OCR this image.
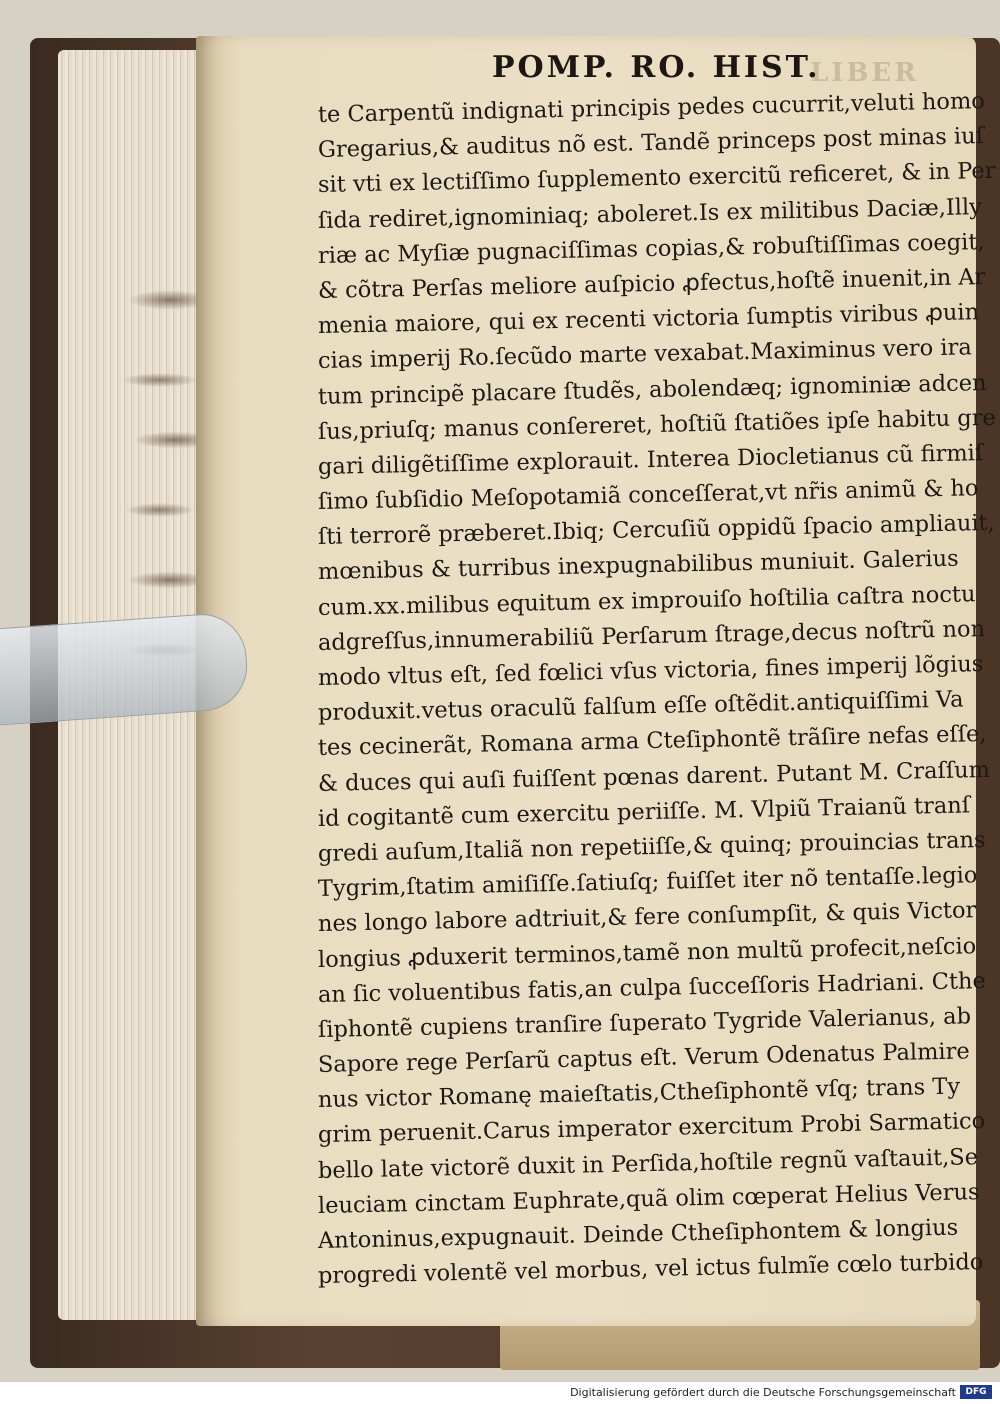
LIBER
POMP. RO. HIST.
te Carpentũ indignati principis pedes cucurrit,veluti homo
Gregarius,& auditus nõ est. Tandẽ princeps post minas iuſ
sit vti ex lectiſſimo ſupplemento exercitũ reficeret, & in Per
ſida rediret,ignominiaq; aboleret.Is ex militibus Daciæ,Illy
riæ ac Myſiæ pugnaciſſimas copias,& robuſtiſſimas coegit,
& cõtra Perſas meliore auſpicio ꝓfectus,hoſtẽ inuenit,in Ar
menia maiore, qui ex recenti victoria ſumptis viribus ꝓuin
cias imperij Ro.ſecũdo marte vexabat.Maximinus vero ira
tum principẽ placare ſtudẽs, abolendæq; ignominiæ adcen
ſus,priuſq; manus conſereret, hoſtiũ ſtatiões ipſe habitu gre
gari diligẽtiſſime explorauit. Interea Diocletianus cũ firmiſ
ſimo ſubſidio Meſopotamiã conceſſerat,vt nr̃is animũ & ho
ſti terrorẽ præberet.Ibiq; Cercuſiũ oppidũ ſpacio ampliauit,
mœnibus & turribus inexpugnabilibus muniuit. Galerius
cum.xx.milibus equitum ex improuiſo hoſtilia caſtra noctu
adgreſſus,innumerabiliũ Perſarum ſtrage,decus noſtrũ non
modo vltus eſt, ſed fœlici vſus victoria, fines imperij lõgius
produxit.vetus oraculũ falſum eſſe oſtẽdit.antiquiſſimi Va
tes cecinerãt, Romana arma Cteſiphontẽ trãſire nefas eſſe,
& duces qui auſi fuiſſent pœnas darent. Putant M. Craſſum
id cogitantẽ cum exercitu periiſſe. M. Vlpiũ Traianũ tranſ
gredi auſum,Italiã non repetiiſſe,& quinq; prouincias trans
Tygrim,ſtatim amiſiſſe.ſatiuſq; fuiſſet iter nõ tentaſſe.legio
nes longo labore adtriuit,& fere conſumpſit, & quis Victor
longius ꝓduxerit terminos,tamẽ non multũ profecit,neſcio
an ſic voluentibus fatis,an culpa ſucceſſoris Hadriani. Cthe
ſiphontẽ cupiens tranſire ſuperato Tygride Valerianus, ab
Sapore rege Perſarũ captus eſt. Verum Odenatus Palmire
nus victor Romanę maieſtatis,Ctheſiphontẽ vſq; trans Ty
grim peruenit.Carus imperator exercitum Probi Sarmatico
bello late victorẽ duxit in Perſida,hoſtile regnũ vaſtauit,Se
leuciam cinctam Euphrate,quã olim cœperat Helius Verus
Antoninus,expugnauit. Deinde Ctheſiphontem & longius
progredi volentẽ vel morbus, vel ictus fulmĩe cœlo turbido
Digitalisierung gefördert durch die Deutsche Forschungsgemeinschaft	DFG
